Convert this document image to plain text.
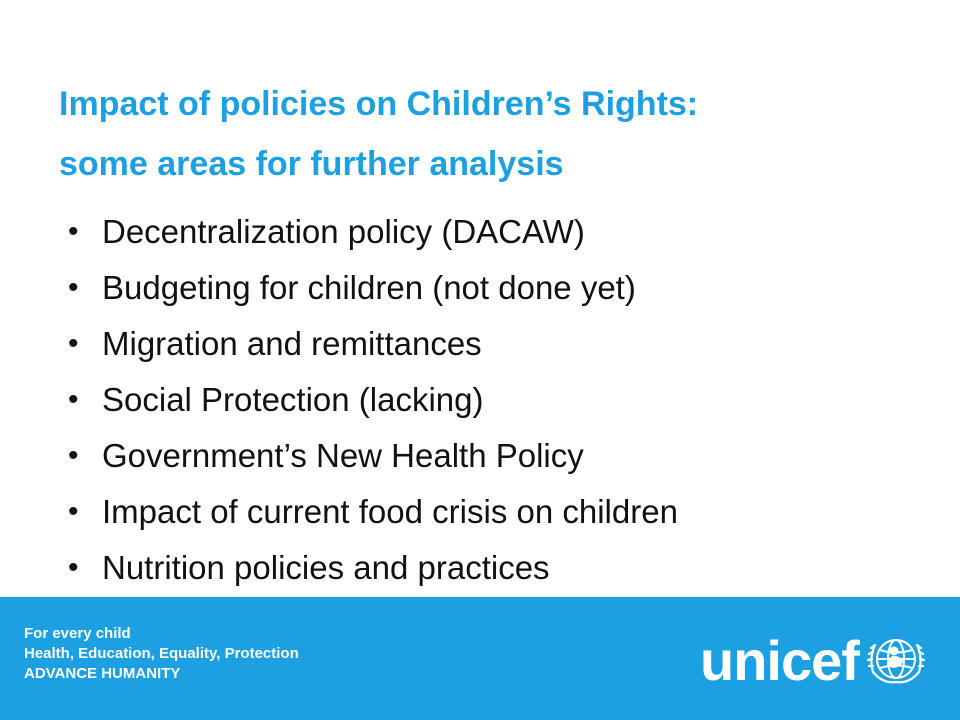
Impact of policies on Children’s Rights:
some areas for further analysis
• Decentralization policy (DACAW)
• Budgeting for children (not done yet)
• Migration and remittances
• Social Protection (lacking)
• Government’s New Health Policy
• Impact of current food crisis on children
• Nutrition policies and practices
For every child
Health, Education, Equality, Protection
ADVANCE HUMANITY	unicef
